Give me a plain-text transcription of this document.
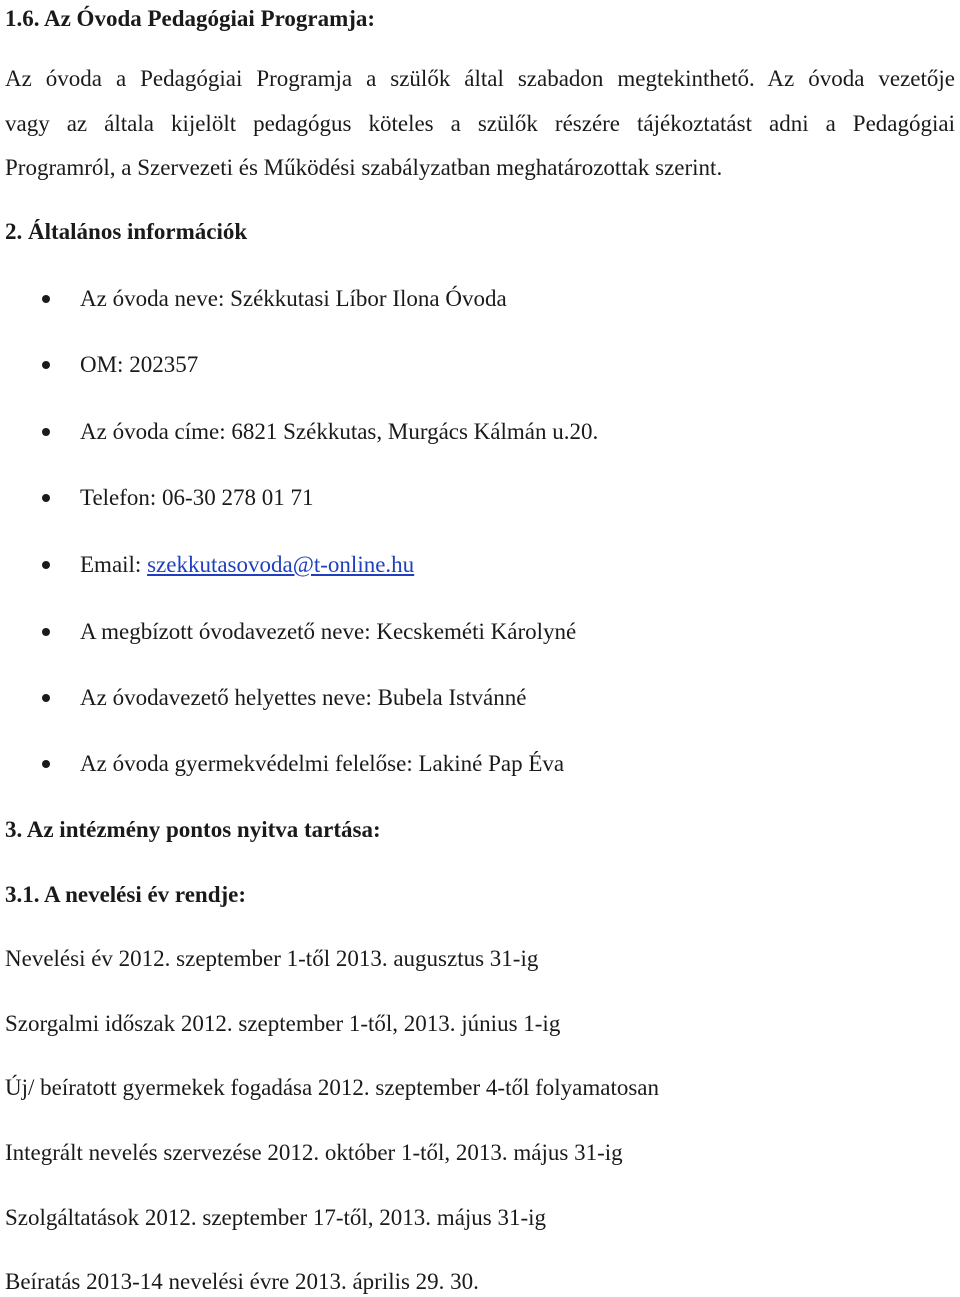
1.6. Az Óvoda Pedagógiai Programja:
Az óvoda a Pedagógiai Programja a szülők által szabadon megtekinthető. Az óvoda vezetője
vagy az általa kijelölt pedagógus köteles a szülők részére tájékoztatást adni a Pedagógiai
Programról, a Szervezeti és Működési szabályzatban meghatározottak szerint.
2. Általános információk
Az óvoda neve: Székkutasi Líbor Ilona Óvoda
OM: 202357
Az óvoda címe: 6821 Székkutas, Murgács Kálmán u.20.
Telefon: 06-30 278 01 71
Email: szekkutasovoda@t-online.hu
A megbízott óvodavezető neve: Kecskeméti Károlyné
Az óvodavezető helyettes neve: Bubela Istvánné
Az óvoda gyermekvédelmi felelőse: Lakiné Pap Éva
3. Az intézmény pontos nyitva tartása:
3.1. A nevelési év rendje:
Nevelési év 2012. szeptember 1-től 2013. augusztus 31-ig
Szorgalmi időszak 2012. szeptember 1-től, 2013. június 1-ig
Új/ beíratott gyermekek fogadása 2012. szeptember 4-től folyamatosan
Integrált nevelés szervezése 2012. október 1-től, 2013. május 31-ig
Szolgáltatások 2012. szeptember 17-től, 2013. május 31-ig
Beíratás 2013-14 nevelési évre 2013. április 29. 30.
